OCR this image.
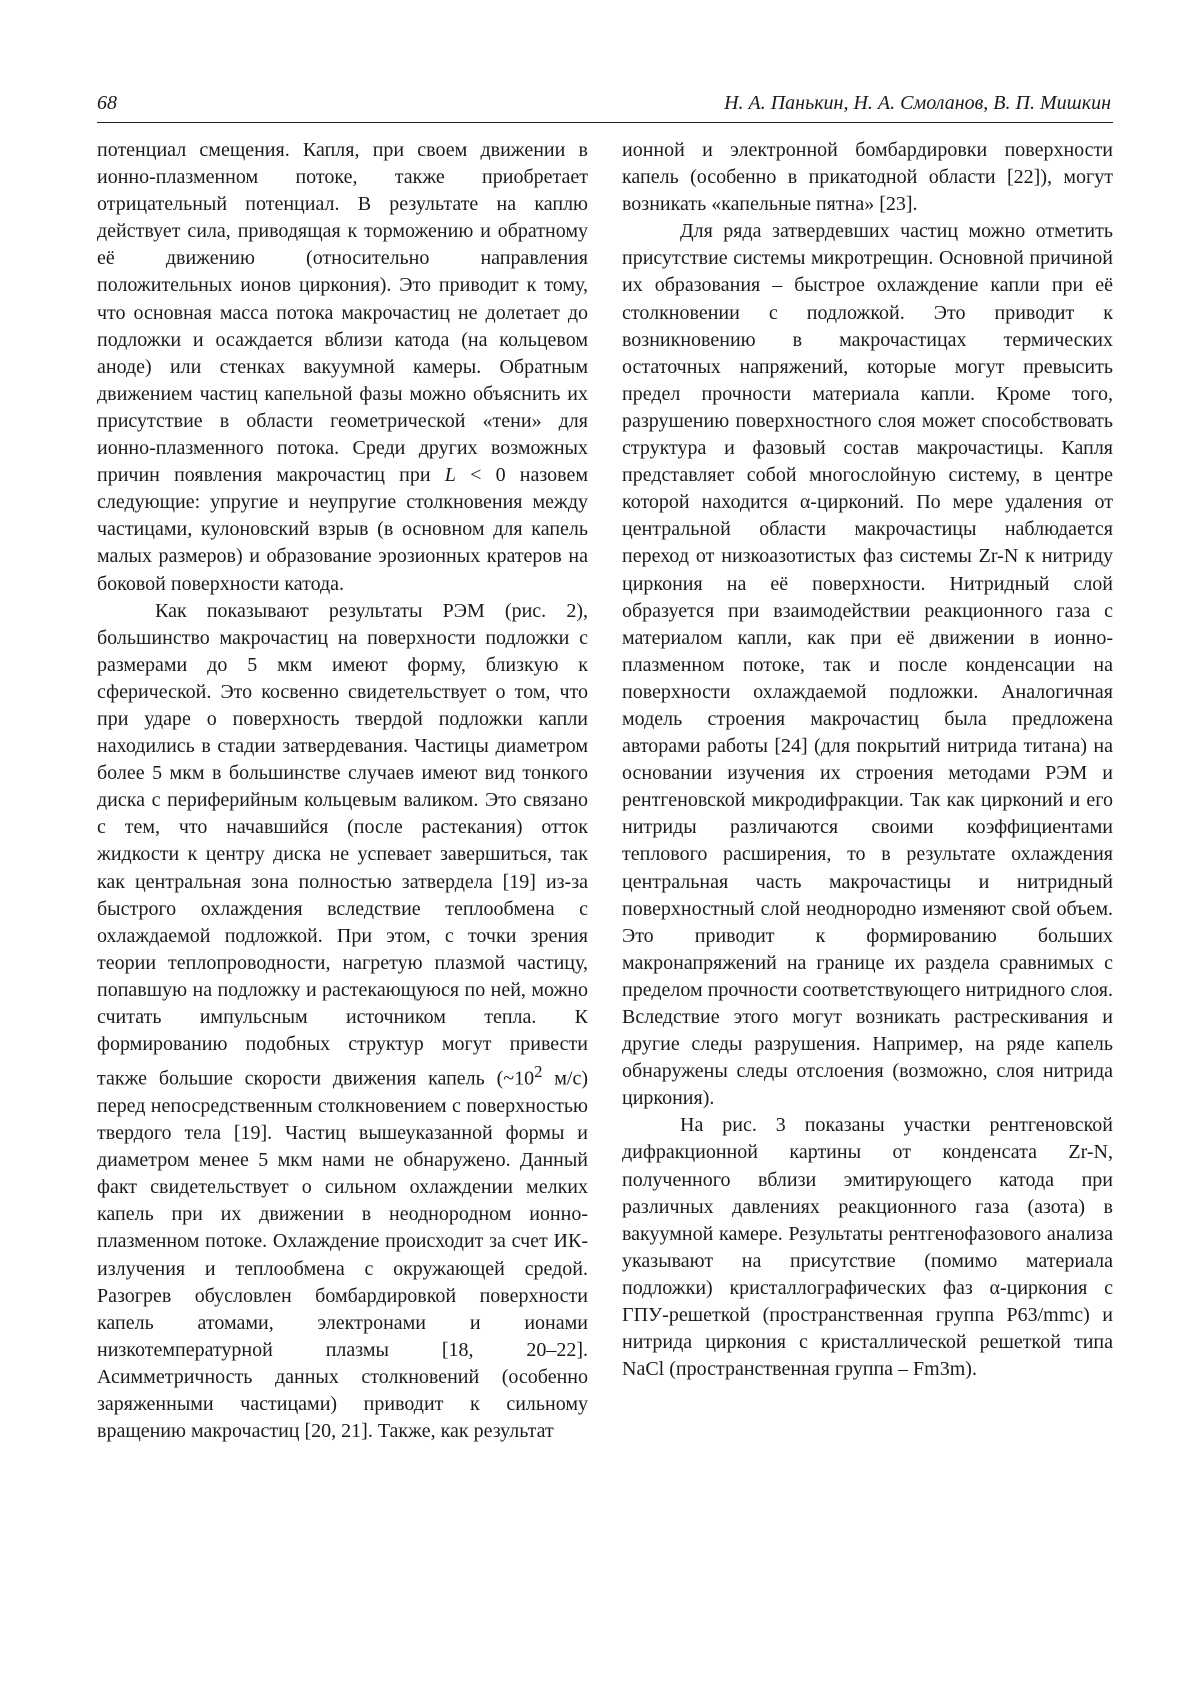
68	Н. А. Панькин, Н. А. Смоланов, В. П. Мишкин

потенциал смещения. Капля, при своем движении в ионно-плазменном потоке, также приобретает отрицательный потенциал. В результате на каплю действует сила, приводящая к торможению и обратному её движению (относительно направления положительных ионов циркония). Это приводит к тому, что основная масса потока макрочастиц не долетает до подложки и осаждается вблизи катода (на кольцевом аноде) или стенках вакуумной камеры. Обратным движением частиц капельной фазы можно объяснить их присутствие в области геометрической «тени» для ионно-плазменного потока. Среди других возможных причин появления макрочастиц при L < 0 назовем следующие: упругие и неупругие столкновения между частицами, кулоновский взрыв (в основном для капель малых размеров) и образование эрозионных кратеров на боковой поверхности катода.

Как показывают результаты РЭМ (рис. 2), большинство макрочастиц на поверхности подложки с размерами до 5 мкм имеют форму, близкую к сферической. Это косвенно свидетельствует о том, что при ударе о поверхность твердой подложки капли находились в стадии затвердевания. Частицы диаметром более 5 мкм в большинстве случаев имеют вид тонкого диска с периферийным кольцевым валиком. Это связано с тем, что начавшийся (после растекания) отток жидкости к центру диска не успевает завершиться, так как центральная зона полностью затвердела [19] из-за быстрого охлаждения вследствие теплообмена с охлаждаемой подложкой. При этом, с точки зрения теории теплопроводности, нагретую плазмой частицу, попавшую на подложку и растекающуюся по ней, можно считать импульсным источником тепла. К формированию подобных структур могут привести также большие скорости движения капель ($\sim 10^2$ м/с) перед непосредственным столкновением с поверхностью твердого тела [19]. Частиц вышеуказанной формы и диаметром менее 5 мкм нами не обнаружено. Данный факт свидетельствует о сильном охлаждении мелких капель при их движении в неоднородном ионно-плазменном потоке. Охлаждение происходит за счет ИК-излучения и теплообмена с окружающей средой. Разогрев обусловлен бомбардировкой поверхности капель атомами, электронами и ионами низкотемпературной плазмы [18, 20–22]. Асимметричность данных столкновений (особенно заряженными частицами) приводит к сильному вращению макрочастиц [20, 21]. Также, как результат

ионной и электронной бомбардировки поверхности капель (особенно в прикатодной области [22]), могут возникать «капельные пятна» [23].

Для ряда затвердевших частиц можно отметить присутствие системы микротрещин. Основной причиной их образования – быстрое охлаждение капли при её столкновении с подложкой. Это приводит к возникновению в макрочастицах термических остаточных напряжений, которые могут превысить предел прочности материала капли. Кроме того, разрушению поверхностного слоя может способствовать структура и фазовый состав макрочастицы. Капля представляет собой многослойную систему, в центре которой находится α-цирконий. По мере удаления от центральной области макрочастицы наблюдается переход от низкоазотистых фаз системы Zr-N к нитриду циркония на её поверхности. Нитридный слой образуется при взаимодействии реакционного газа с материалом капли, как при её движении в ионно-плазменном потоке, так и после конденсации на поверхности охлаждаемой подложки. Аналогичная модель строения макрочастиц была предложена авторами работы [24] (для покрытий нитрида титана) на основании изучения их строения методами РЭМ и рентгеновской микродифракции. Так как цирконий и его нитриды различаются своими коэффициентами теплового расширения, то в результате охлаждения центральная часть макрочастицы и нитридный поверхностный слой неоднородно изменяют свой объем. Это приводит к формированию больших макронапряжений на границе их раздела сравнимых с пределом прочности соответствующего нитридного слоя. Вследствие этого могут возникать растрескивания и другие следы разрушения. Например, на ряде капель обнаружены следы отслоения (возможно, слоя нитрида циркония).

На рис. 3 показаны участки рентгеновской дифракционной картины от конденсата Zr-N, полученного вблизи эмитирующего катода при различных давлениях реакционного газа (азота) в вакуумной камере. Результаты рентгенофазового анализа указывают на присутствие (помимо материала подложки) кристаллографических фаз α-циркония с ГПУ-решеткой (пространственная группа P63/mmc) и нитрида циркония с кристаллической решеткой типа NaCl (пространственная группа – Fm3m).
